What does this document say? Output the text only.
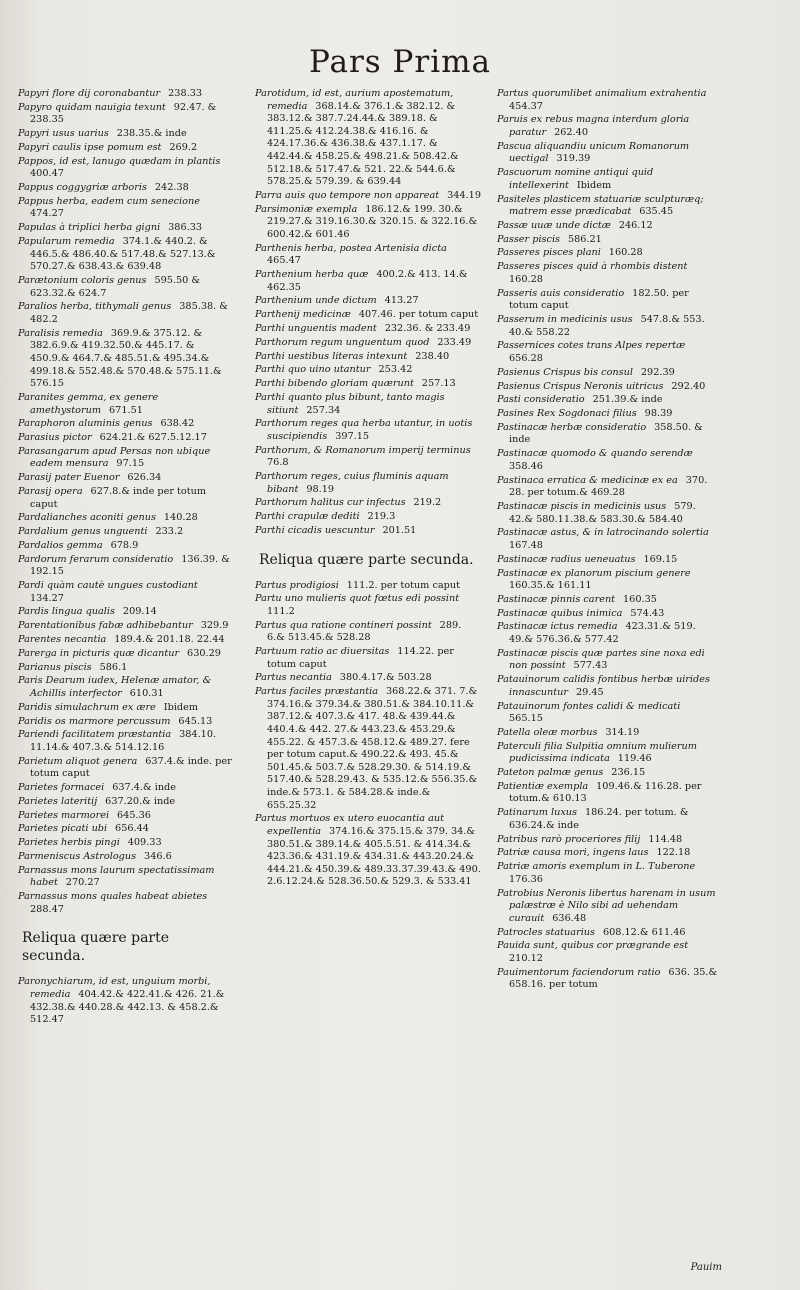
Pars Prima
Papyri flore dij coronabantur  238.33
Papyro quidam nauigia texunt  92.47. & 238.35
Papyri usus uarius  238.35.& inde
Papyri caulis ipse pomum est  269.2
Pappos, id est, lanugo quædam in plantis  400.47
Pappus coggygriæ arboris  242.38
Pappus herba, eadem cum senecione  474.27
Papulas à triplici herba gigni  386.33
Papularum remedia  374.1.& 440.2. & 446.5.& 486.40.& 517.48.& 527.13.& 570.27.& 638.43.& 639.48
Parætonium coloris genus  595.50 & 623.32.& 624.7
Paralios herba, tithymali genus  385.38. & 482.2
Paralisis remedia  369.9.& 375.12. & 382.6.9.& 419.32.50.& 445.17. & 450.9.& 464.7.& 485.51.& 495.34.& 499.18.& 552.48.& 570.48.& 575.11.& 576.15
Paranites gemma, ex genere amethystorum  671.51
Paraphoron aluminis genus  638.42
Parasius pictor  624.21.& 627.5.12.17
Parasangarum apud Persas non ubique eadem mensura  97.15
Parasij pater Euenor  626.34
Parasij opera  627.8.& inde per totum caput
Pardalianches aconiti genus  140.28
Pardalium genus unguenti  233.2
Pardalios gemma  678.9
Pardorum ferarum consideratio  136.39. & 192.15
Pardi quàm cautè ungues custodiant  134.27
Pardis lingua qualis  209.14
Parentationibus fabæ adhibebantur  329.9
Parentes necantia  189.4.& 201.18. 22.44
Parerga in picturis quæ dicantur  630.29
Parianus piscis  586.1
Paris Dearum iudex, Helenæ amator, & Achillis interfector  610.31
Paridis simulachrum ex ære  Ibidem
Paridis os marmore percussum  645.13
Pariendi facilitatem præstantia  384.10. 11.14.& 407.3.& 514.12.16
Parietum aliquot genera  637.4.& inde. per totum caput
Parietes formacei  637.4.& inde
Parietes lateritij  637.20.& inde
Parietes marmorei  645.36
Parietes picati ubi  656.44
Parietes herbis pingi  409.33
Parmeniscus Astrologus  346.6
Parnassus mons laurum spectatissimam habet  270.27
Parnassus mons quales habeat abietes  288.47
Reliqua quære parte secunda.
Paronychiarum, id est, unguium morbi, remedia  404.42.& 422.41.& 426. 21.& 432.38.& 440.28.& 442.13. & 458.2.& 512.47
Parotidum, id est, aurium apostematum, remedia  368.14.& 376.1.& 382.12. & 383.12.& 387.7.24.44.& 389.18. & 411.25.& 412.24.38.& 416.16. & 424.17.36.& 436.38.& 437.1.17. & 442.44.& 458.25.& 498.21.& 508.42.& 512.18.& 517.47.& 521. 22.& 544.6.& 578.25.& 579.39. & 639.44
Parra auis quo tempore non appareat  344.19
Parsimoniæ exempla  186.12.& 199. 30.& 219.27.& 319.16.30.& 320.15. & 322.16.& 600.42.& 601.46
Parthenis herba, postea Artenisia dicta  465.47
Parthenium herba quæ  400.2.& 413. 14.& 462.35
Parthenium unde dictum  413.27
Parthenij medicinæ  407.46. per totum caput
Parthi unguentis madent  232.36. & 233.49
Parthorum regum unguentum quod  233.49
Parthi uestibus literas intexunt  238.40
Parthi quo uino utantur  253.42
Parthi bibendo gloriam quærunt  257.13
Parthi quanto plus bibunt, tanto magis sitiunt  257.34
Parthorum reges qua herba utantur, in uotis suscipiendis  397.15
Parthorum, & Romanorum imperij terminus  76.8
Parthorum reges, cuius fluminis aquam bibant  98.19
Parthorum halitus cur infectus  219.2
Parthi crapulæ dediti  219.3
Parthi cicadis uescuntur  201.51
Reliqua quære parte secunda.
Partus prodigiosi  111.2. per totum caput
Partu uno mulieris quot fœtus edi possint  111.2
Partus qua ratione contineri possint  289. 6.& 513.45.& 528.28
Partuum ratio ac diuersitas  114.22. per totum caput
Partus necantia  380.4.17.& 503.28
Partus faciles præstantia  368.22.& 371. 7.& 374.16.& 379.34.& 380.51.& 384.10.11.& 387.12.& 407.3.& 417. 48.& 439.44.& 440.4.& 442. 27.& 443.23.& 453.29.& 455.22. & 457.3.& 458.12.& 489.27. fere per totum caput.& 490.22.& 493. 45.& 501.45.& 503.7.& 528.29.30. & 514.19.& 517.40.& 528.29.43. & 535.12.& 556.35.& inde.& 573.1. & 584.28.& inde.& 655.25.32
Partus mortuos ex utero euocantia aut expellentia  374.16.& 375.15.& 379. 34.& 380.51.& 389.14.& 405.5.51. & 414.34.& 423.36.& 431.19.& 434.31.& 443.20.24.& 444.21.& 450.39.& 489.33.37.39.43.& 490. 2.6.12.24.& 528.36.50.& 529.3. & 533.41
Partus quorumlibet animalium extrahentia  454.37
Paruis ex rebus magna interdum gloria paratur  262.40
Pascua aliquandiu unicum Romanorum uectigal  319.39
Pascuorum nomine antiqui quid intellexerint  Ibidem
Pasiteles plasticem statuariæ sculpturæq; matrem esse prædicabat  635.45
Passæ uuæ unde dictæ  246.12
Passer piscis  586.21
Passeres pisces plani  160.28
Passeres pisces quid à rhombis distent  160.28
Passeris auis consideratio  182.50. per totum caput
Passerum in medicinis usus  547.8.& 553. 40.& 558.22
Passernices cotes trans Alpes repertæ  656.28
Pasienus Crispus bis consul  292.39
Pasienus Crispus Neronis uitricus  292.40
Pasti consideratio  251.39.& inde
Pasines Rex Sogdonaci filius  98.39
Pastinacæ herbæ consideratio  358.50. & inde
Pastinacæ quomodo & quando serendæ  358.46
Pastinaca erratica & medicinæ ex ea  370. 28. per totum.& 469.28
Pastinacæ piscis in medicinis usus  579. 42.& 580.11.38.& 583.30.& 584.40
Pastinacæ astus, & in latrocinando solertia  167.48
Pastinacæ radius ueneuatus  169.15
Pastinacæ ex planorum piscium genere  160.35.& 161.11
Pastinacæ pinnis carent  160.35
Pastinacæ quibus inimica  574.43
Pastinacæ ictus remedia  423.31.& 519. 49.& 576.36.& 577.42
Pastinacæ piscis quæ partes sine noxa edi non possint  577.43
Patauinorum calidis fontibus herbæ uirides innascuntur  29.45
Patauinorum fontes calidi & medicati  565.15
Patella oleæ morbus  314.19
Paterculi filia Sulpitia omnium mulierum pudicissima indicata  119.46
Pateton palmæ genus  236.15
Patientiæ exempla  109.46.& 116.28. per totum.& 610.13
Patinarum luxus  186.24. per totum. & 636.24.& inde
Patribus rarò proceriores filij  114.48
Patriæ causa mori, ingens laus  122.18
Patriæ amoris exemplum in L. Tuberone  176.36
Patrobius Neronis libertus harenam in usum palæstræ è Nilo sibi ad uehendam curauit  636.48
Patrocles statuarius  608.12.& 611.46
Pauida sunt, quibus cor prægrande est  210.12
Pauimentorum faciendorum ratio  636. 35.& 658.16. per totum
Pauim
